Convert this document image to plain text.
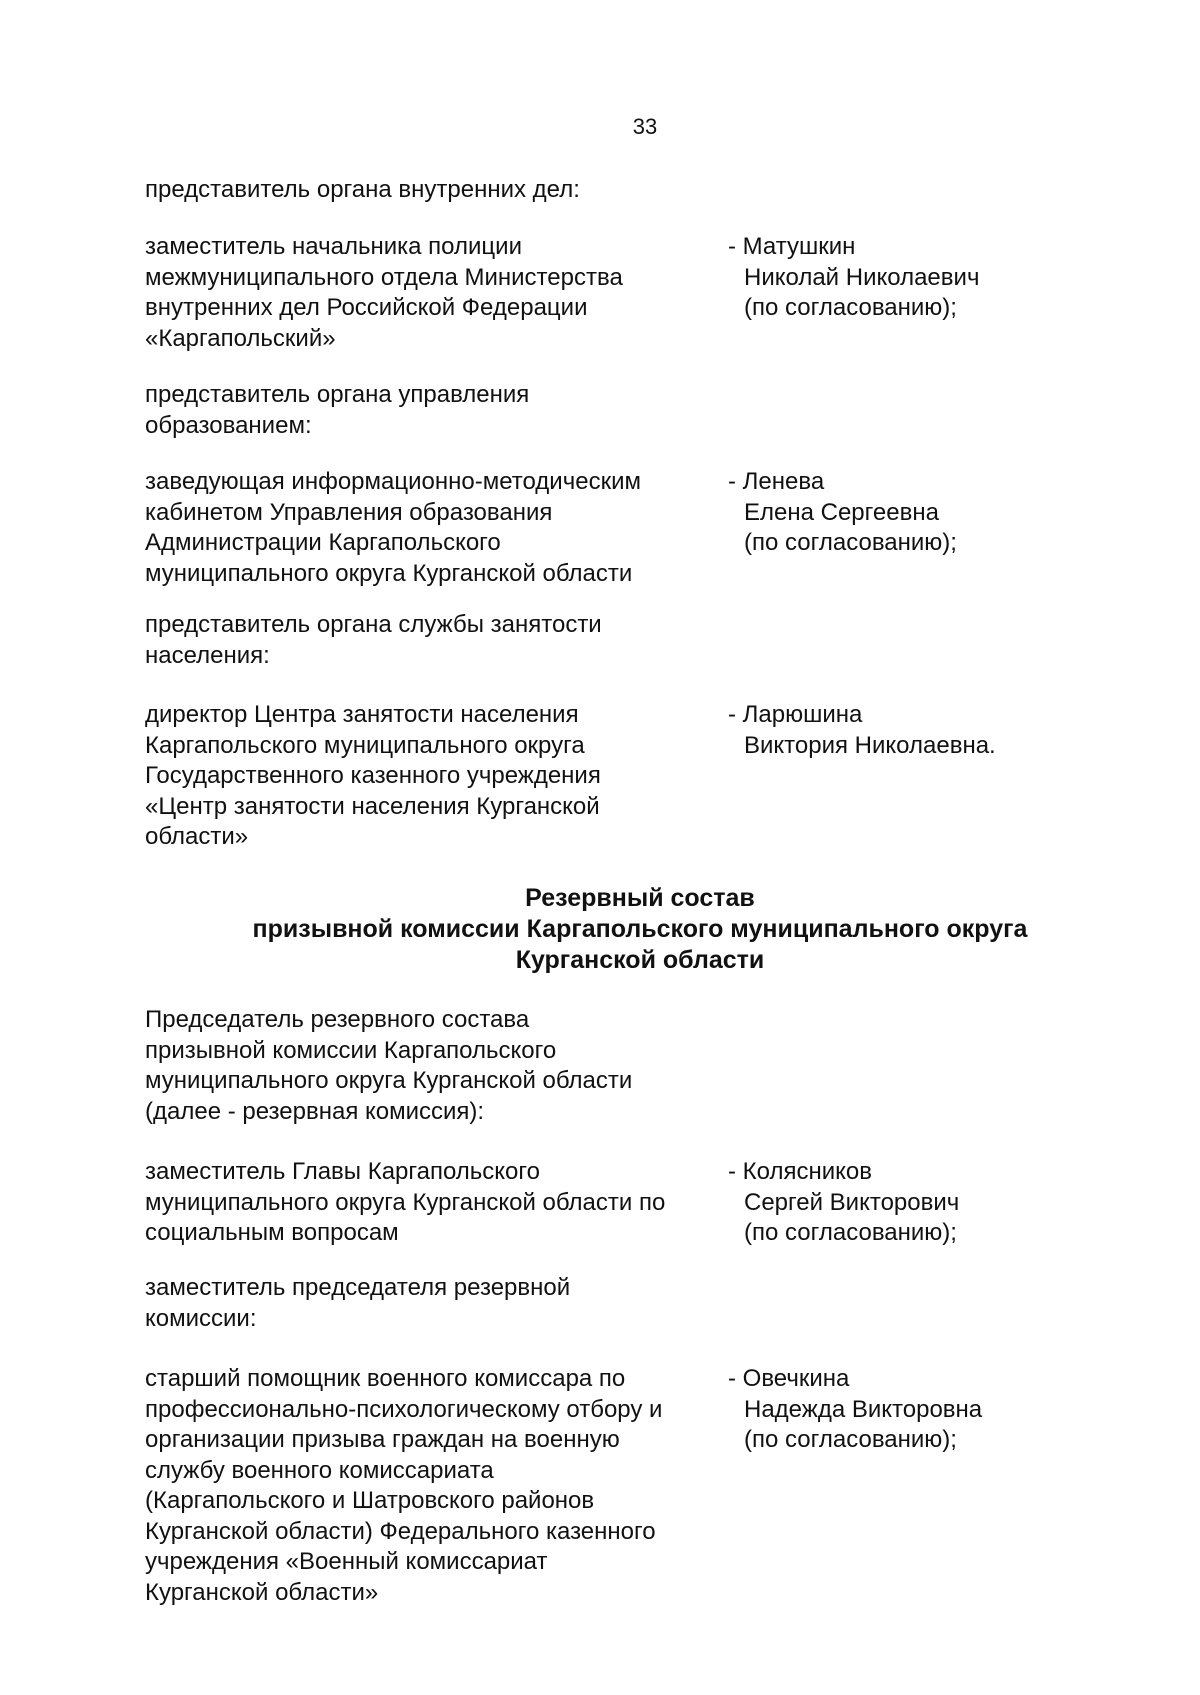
33
представитель органа внутренних дел:
заместитель начальника полиции
межмуниципального отдела Министерства
внутренних дел Российской Федерации
«Каргапольский»
- Матушкин
Николай Николаевич
(по согласованию);
представитель органа управления
образованием:
заведующая информационно-методическим
кабинетом Управления образования
Администрации Каргапольского
муниципального округа Курганской области
- Ленева
Елена Сергеевна
(по согласованию);
представитель органа службы занятости
населения:
директор Центра занятости населения
Каргапольского муниципального округа
Государственного казенного учреждения
«Центр занятости населения Курганской
области»
- Ларюшина
Виктория Николаевна.
Резервный состав
призывной комиссии Каргапольского муниципального округа
Курганской области
Председатель резервного состава
призывной комиссии Каргапольского
муниципального округа Курганской области
(далее - резервная комиссия):
заместитель Главы Каргапольского
муниципального округа Курганской области по
социальным вопросам
- Колясников
Сергей Викторович
(по согласованию);
заместитель председателя резервной
комиссии:
старший помощник военного комиссара по
профессионально-психологическому отбору и
организации призыва граждан на военную
службу военного комиссариата
(Каргапольского и Шатровского районов
Курганской области) Федерального казенного
учреждения «Военный комиссариат
Курганской области»
- Овечкина
Надежда Викторовна
(по согласованию);
